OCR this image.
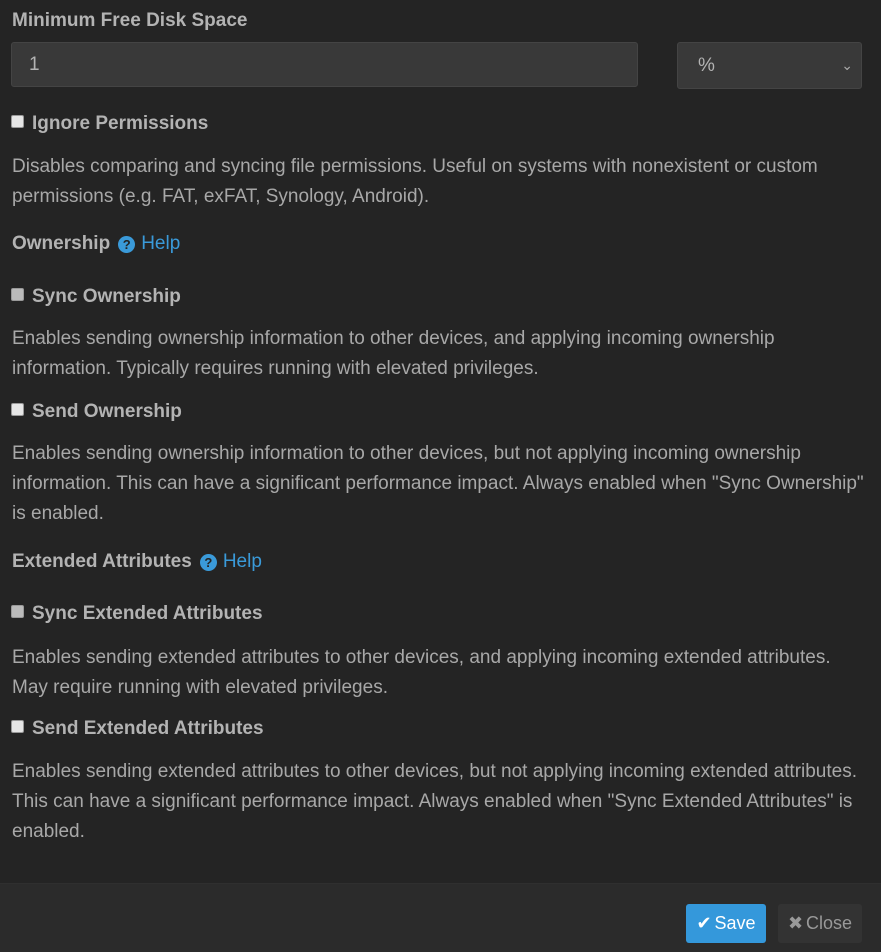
Minimum Free Disk Space
1	%	⌄
Ignore Permissions
Disables comparing and syncing file permissions. Useful on systems with nonexistent or custom permissions (e.g. FAT, exFAT, Synology, Android).
Ownership ? Help
Sync Ownership
Enables sending ownership information to other devices, and applying incoming ownership information. Typically requires running with elevated privileges.
Send Ownership
Enables sending ownership information to other devices, but not applying incoming ownership information. This can have a significant performance impact. Always enabled when "Sync Ownership" is enabled.
Extended Attributes ? Help
Sync Extended Attributes
Enables sending extended attributes to other devices, and applying incoming extended attributes. May require running with elevated privileges.
Send Extended Attributes
Enables sending extended attributes to other devices, but not applying incoming extended attributes. This can have a significant performance impact. Always enabled when "Sync Extended Attributes" is enabled.
✔ Save ✖ Close
